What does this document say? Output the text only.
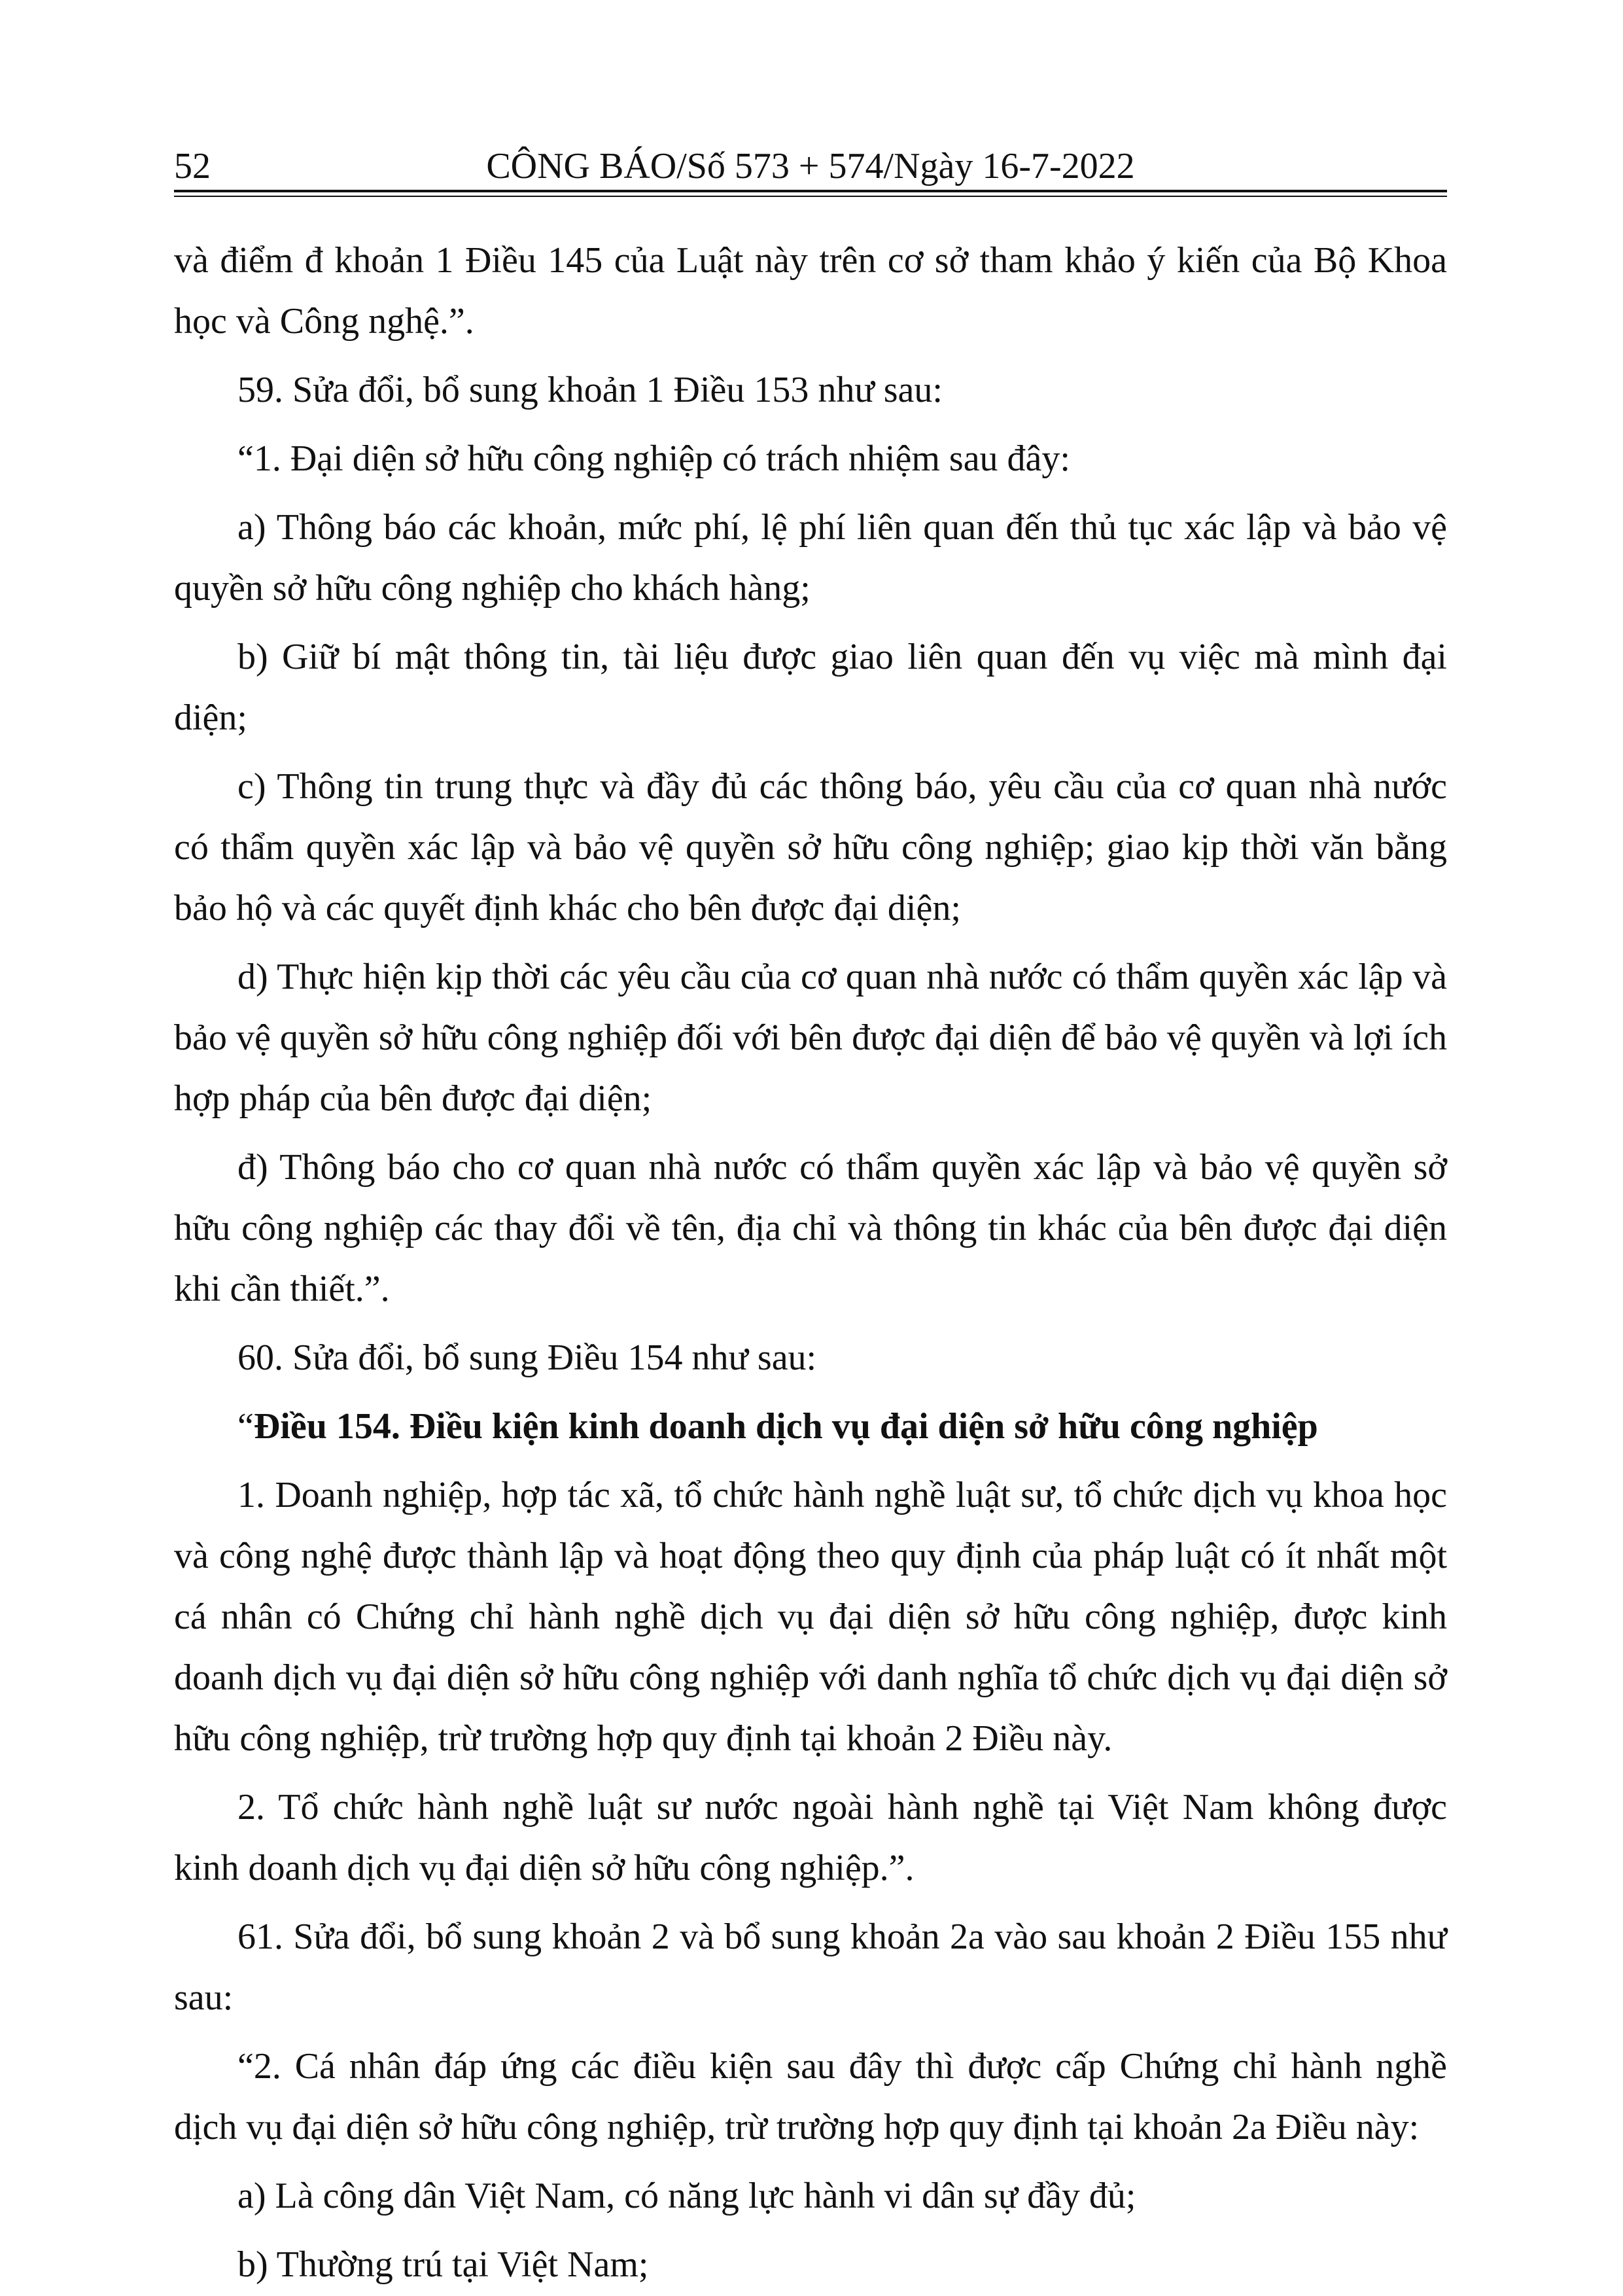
52	CÔNG BÁO/Số 573 + 574/Ngày 16-7-2022

và điểm đ khoản 1 Điều 145 của Luật này trên cơ sở tham khảo ý kiến của Bộ Khoa học và Công nghệ.”.

59. Sửa đổi, bổ sung khoản 1 Điều 153 như sau:

“1. Đại diện sở hữu công nghiệp có trách nhiệm sau đây:

a) Thông báo các khoản, mức phí, lệ phí liên quan đến thủ tục xác lập và bảo vệ quyền sở hữu công nghiệp cho khách hàng;

b) Giữ bí mật thông tin, tài liệu được giao liên quan đến vụ việc mà mình đại diện;

c) Thông tin trung thực và đầy đủ các thông báo, yêu cầu của cơ quan nhà nước có thẩm quyền xác lập và bảo vệ quyền sở hữu công nghiệp; giao kịp thời văn bằng bảo hộ và các quyết định khác cho bên được đại diện;

d) Thực hiện kịp thời các yêu cầu của cơ quan nhà nước có thẩm quyền xác lập và bảo vệ quyền sở hữu công nghiệp đối với bên được đại diện để bảo vệ quyền và lợi ích hợp pháp của bên được đại diện;

đ) Thông báo cho cơ quan nhà nước có thẩm quyền xác lập và bảo vệ quyền sở hữu công nghiệp các thay đổi về tên, địa chỉ và thông tin khác của bên được đại diện khi cần thiết.”.

60. Sửa đổi, bổ sung Điều 154 như sau:

“Điều 154. Điều kiện kinh doanh dịch vụ đại diện sở hữu công nghiệp

1. Doanh nghiệp, hợp tác xã, tổ chức hành nghề luật sư, tổ chức dịch vụ khoa học và công nghệ được thành lập và hoạt động theo quy định của pháp luật có ít nhất một cá nhân có Chứng chỉ hành nghề dịch vụ đại diện sở hữu công nghiệp, được kinh doanh dịch vụ đại diện sở hữu công nghiệp với danh nghĩa tổ chức dịch vụ đại diện sở hữu công nghiệp, trừ trường hợp quy định tại khoản 2 Điều này.

2. Tổ chức hành nghề luật sư nước ngoài hành nghề tại Việt Nam không được kinh doanh dịch vụ đại diện sở hữu công nghiệp.”.

61. Sửa đổi, bổ sung khoản 2 và bổ sung khoản 2a vào sau khoản 2 Điều 155 như sau:

“2. Cá nhân đáp ứng các điều kiện sau đây thì được cấp Chứng chỉ hành nghề dịch vụ đại diện sở hữu công nghiệp, trừ trường hợp quy định tại khoản 2a Điều này:

a) Là công dân Việt Nam, có năng lực hành vi dân sự đầy đủ;

b) Thường trú tại Việt Nam;
